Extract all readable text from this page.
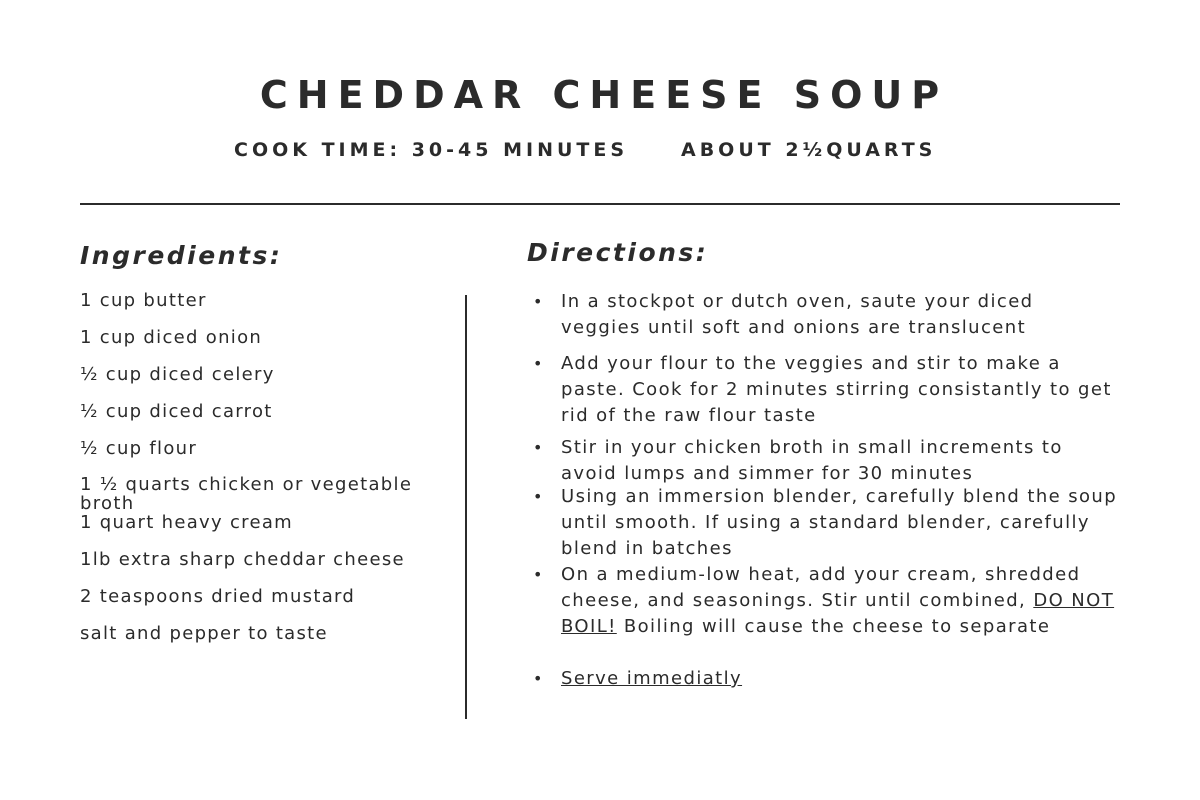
CHEDDAR CHEESE SOUP
COOK TIME: 30-45 MINUTES	ABOUT 2½QUARTS
Ingredients:
1 cup butter
1 cup diced onion
½ cup diced celery
½ cup diced carrot
½ cup flour
1 ½ quarts chicken or vegetable broth
1 quart heavy cream
1lb extra sharp cheddar cheese
2 teaspoons dried mustard
salt and pepper to taste
Directions:
• In a stockpot or dutch oven, saute your diced veggies until soft and onions are translucent
• Add your flour to the veggies and stir to make a paste. Cook for 2 minutes stirring consistantly to get rid of the raw flour taste
• Stir in your chicken broth in small increments to avoid lumps and simmer for 30 minutes
• Using an immersion blender, carefully blend the soup until smooth. If using a standard blender, carefully blend in batches
• On a medium-low heat, add your cream, shredded cheese, and seasonings. Stir until combined, DO NOT BOIL! Boiling will cause the cheese to separate
• Serve immediatly
